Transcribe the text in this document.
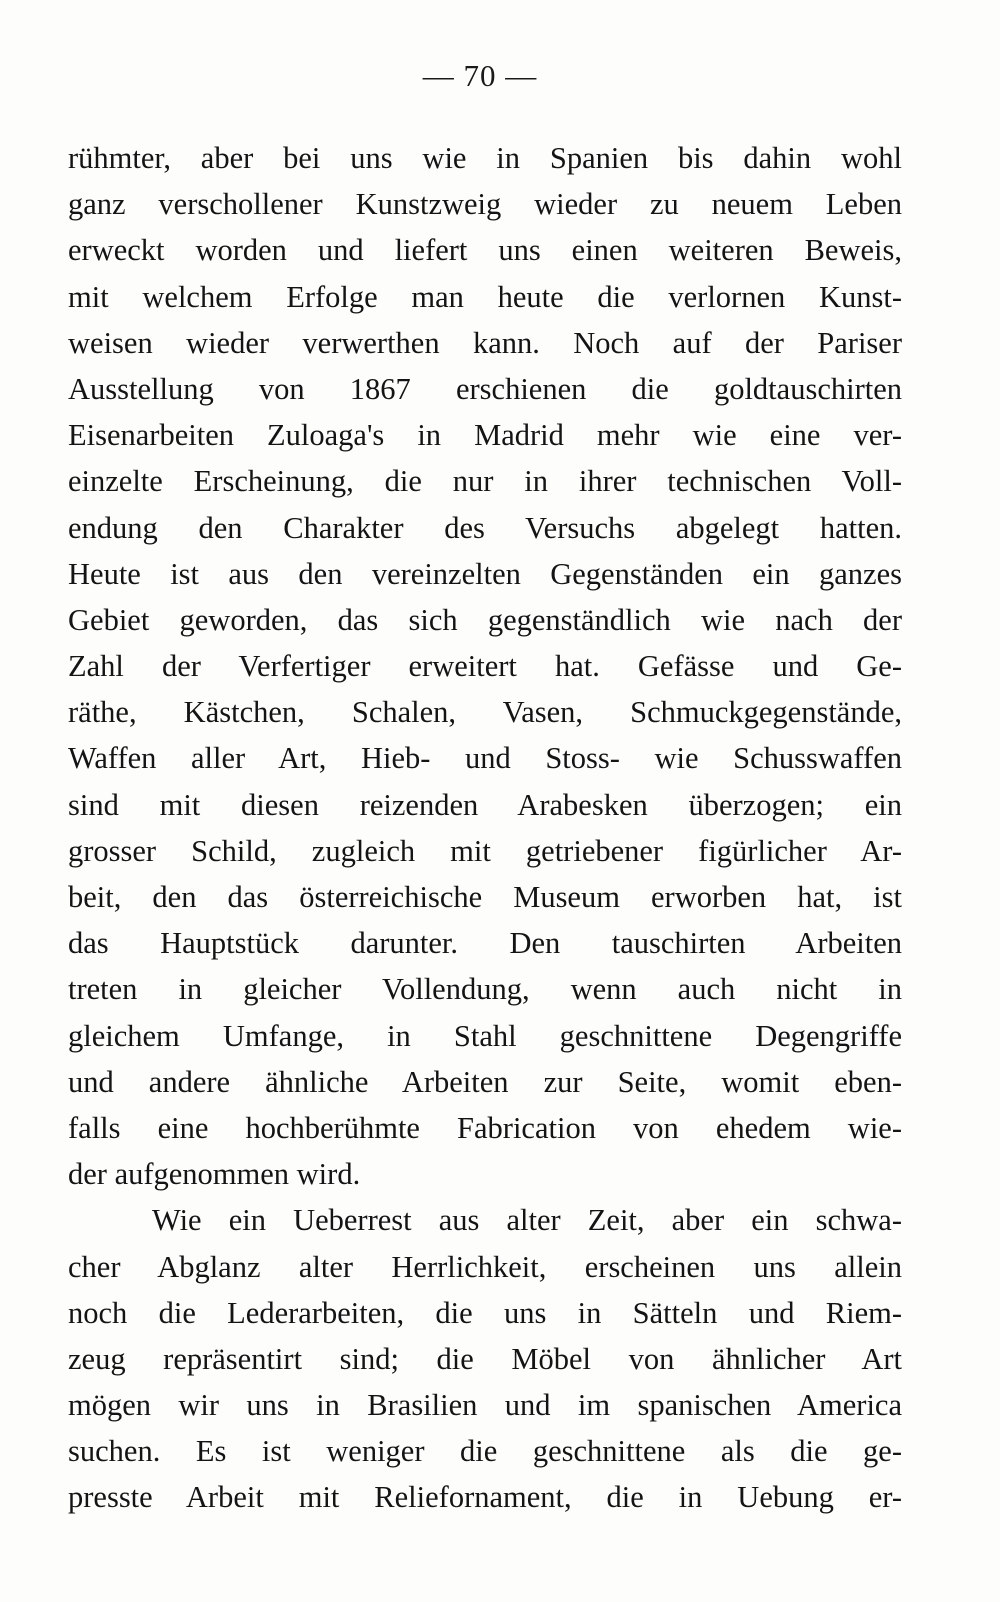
— 70 —
rühmter, aber bei uns wie in Spanien bis dahin wohl
ganz verschollener Kunstzweig wieder zu neuem Leben
erweckt worden und liefert uns einen weiteren Beweis,
mit welchem Erfolge man heute die verlornen Kunst-
weisen wieder verwerthen kann. Noch auf der Pariser
Ausstellung von 1867 erschienen die goldtauschirten
Eisenarbeiten Zuloaga's in Madrid mehr wie eine ver-
einzelte Erscheinung, die nur in ihrer technischen Voll-
endung den Charakter des Versuchs abgelegt hatten.
Heute ist aus den vereinzelten Gegenständen ein ganzes
Gebiet geworden, das sich gegenständlich wie nach der
Zahl der Verfertiger erweitert hat. Gefässe und Ge-
räthe, Kästchen, Schalen, Vasen, Schmuckgegenstände,
Waffen aller Art, Hieb- und Stoss- wie Schusswaffen
sind mit diesen reizenden Arabesken überzogen; ein
grosser Schild, zugleich mit getriebener figürlicher Ar-
beit, den das österreichische Museum erworben hat, ist
das Hauptstück darunter. Den tauschirten Arbeiten
treten in gleicher Vollendung, wenn auch nicht in
gleichem Umfange, in Stahl geschnittene Degengriffe
und andere ähnliche Arbeiten zur Seite, womit eben-
falls eine hochberühmte Fabrication von ehedem wie-
der aufgenommen wird.
Wie ein Ueberrest aus alter Zeit, aber ein schwa-
cher Abglanz alter Herrlichkeit, erscheinen uns allein
noch die Lederarbeiten, die uns in Sätteln und Riem-
zeug repräsentirt sind; die Möbel von ähnlicher Art
mögen wir uns in Brasilien und im spanischen America
suchen. Es ist weniger die geschnittene als die ge-
presste Arbeit mit Reliefornament, die in Uebung er-
